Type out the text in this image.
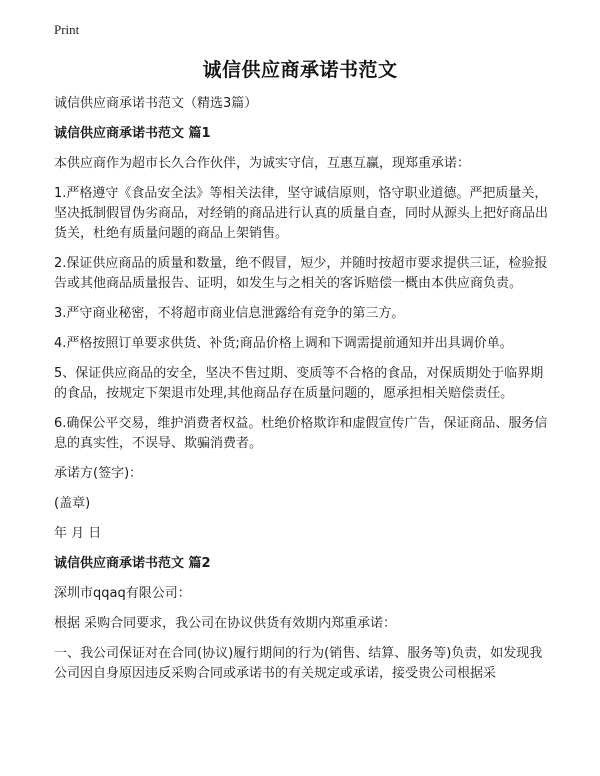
Print
诚信供应商承诺书范文

诚信供应商承诺书范文（精选3篇）

诚信供应商承诺书范文 篇1

本供应商作为超市长久合作伙伴，为诚实守信，互惠互赢，现郑重承诺：

1.严格遵守《食品安全法》等相关法律，坚守诚信原则，恪守职业道德。严把质量关，坚决抵制假冒伪劣商品，对经销的商品进行认真的质量自查，同时从源头上把好商品出货关，杜绝有质量问题的商品上架销售。

2.保证供应商品的质量和数量，绝不假冒，短少，并随时按超市要求提供三证，检验报告或其他商品质量报告、证明，如发生与之相关的客诉赔偿一概由本供应商负责。

3.严守商业秘密，不将超市商业信息泄露给有竞争的第三方。

4.严格按照订单要求供货、补货;商品价格上调和下调需提前通知并出具调价单。

5、保证供应商品的安全，坚决不售过期、变质等不合格的食品，对保质期处于临界期的食品，按规定下架退市处理,其他商品存在质量问题的，愿承担相关赔偿责任。

6.确保公平交易，维护消费者权益。杜绝价格欺诈和虚假宣传广告，保证商品、服务信息的真实性，不误导、欺骗消费者。

承诺方(签字)：

(盖章)

年 月 日

诚信供应商承诺书范文 篇2

深圳市qqaq有限公司：

根据 采购合同要求，我公司在协议供货有效期内郑重承诺：

一、我公司保证对在合同(协议)履行期间的行为(销售、结算、服务等)负责，如发现我公司因自身原因违反采购合同或承诺书的有关规定或承诺，接受贵公司根据采
